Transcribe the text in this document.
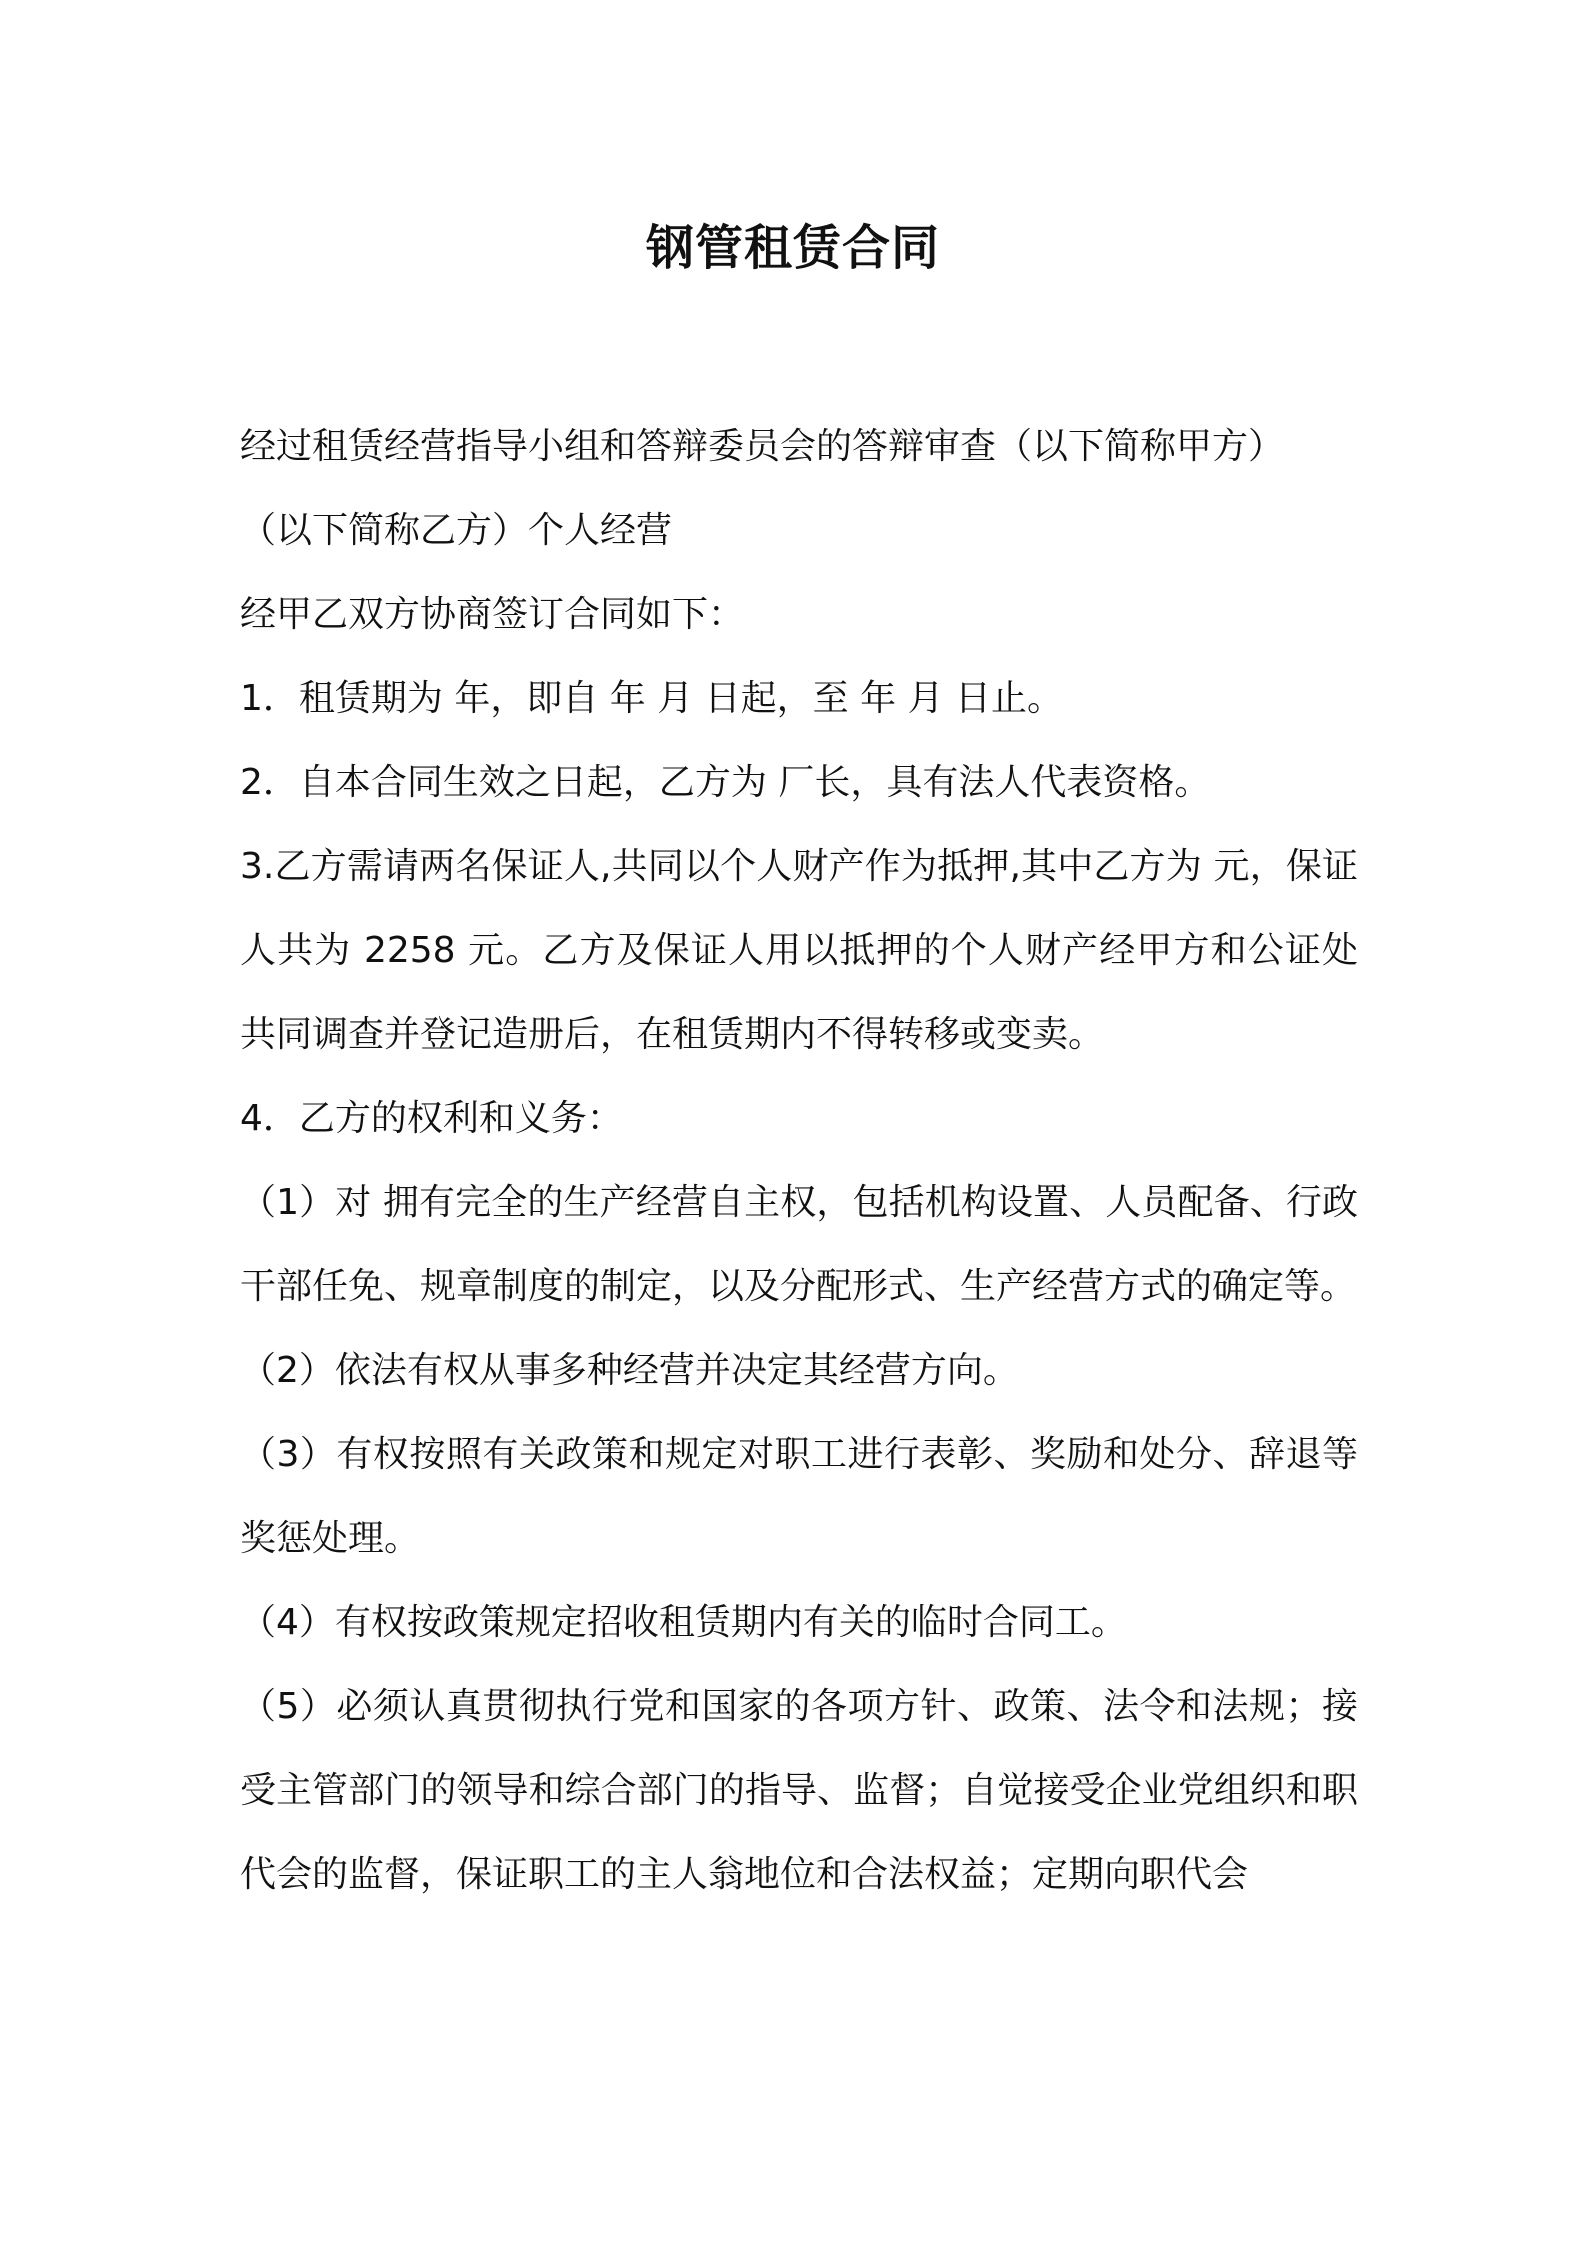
钢管租赁合同

经过租赁经营指导小组和答辩委员会的答辩审查（以下简称甲方）

（以下简称乙方）个人经营

经甲乙双方协商签订合同如下：

1．租赁期为 年，即自 年 月 日起，至 年 月 日止。

2．自本合同生效之日起，乙方为 厂长，具有法人代表资格。

3.乙方需请两名保证人,共同以个人财产作为抵押,其中乙方为 元，保证人共为 2258 元。乙方及保证人用以抵押的个人财产经甲方和公证处共同调查并登记造册后，在租赁期内不得转移或变卖。

4．乙方的权利和义务：

（1）对 拥有完全的生产经营自主权，包括机构设置、人员配备、行政干部任免、规章制度的制定，以及分配形式、生产经营方式的确定等。

（2）依法有权从事多种经营并决定其经营方向。

（3）有权按照有关政策和规定对职工进行表彰、奖励和处分、辞退等奖惩处理。

（4）有权按政策规定招收租赁期内有关的临时合同工。

（5）必须认真贯彻执行党和国家的各项方针、政策、法令和法规；接受主管部门的领导和综合部门的指导、监督；自觉接受企业党组织和职代会的监督，保证职工的主人翁地位和合法权益；定期向职代会
